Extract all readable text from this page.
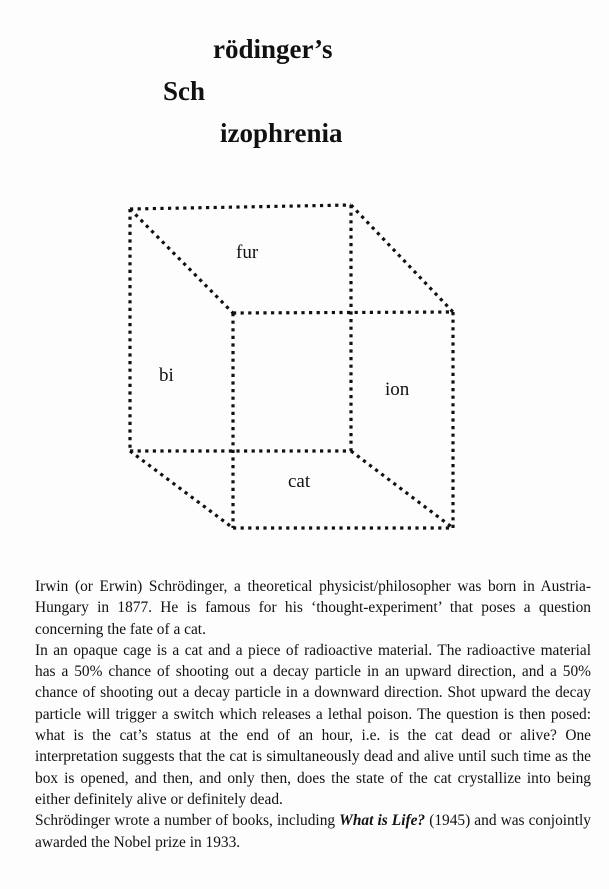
rödinger’s
Sch
izophrenia
fur
bi
ion
cat

Irwin (or Erwin) Schrödinger, a theoretical physicist/philosopher was born in Austria-Hungary in 1877. He is famous for his ‘thought-experiment’ that poses a question concerning the fate of a cat.

In an opaque cage is a cat and a piece of radioactive material. The radioactive material has a 50% chance of shooting out a decay particle in an upward direction, and a 50% chance of shooting out a decay particle in a downward direction. Shot upward the decay particle will trigger a switch which releases a lethal poison. The question is then posed: what is the cat’s status at the end of an hour, i.e. is the cat dead or alive? One interpretation suggests that the cat is simultaneously dead and alive until such time as the box is opened, and then, and only then, does the state of the cat crystallize into being either definitely alive or definitely dead.

Schrödinger wrote a number of books, including What is Life? (1945) and was conjointly awarded the Nobel prize in 1933.
